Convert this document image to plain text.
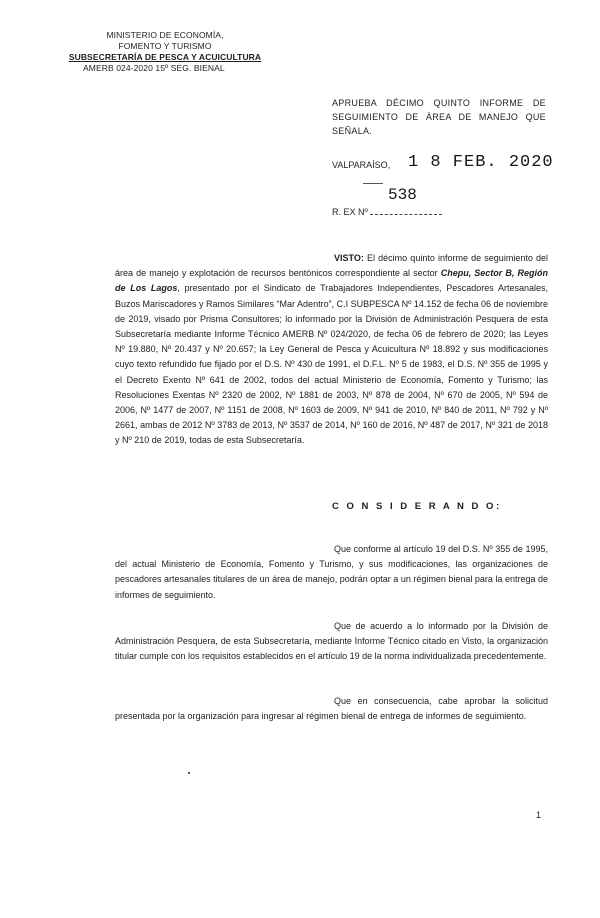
MINISTERIO DE ECONOMÍA,
FOMENTO Y TURISMO
SUBSECRETARÍA DE PESCA Y ACUICULTURA
AMERB 024-2020 15º SEG. BIENAL
APRUEBA DÉCIMO QUINTO INFORME DE
SEGUIMIENTO DE ÁREA DE MANEJO QUE SEÑALA.
VALPARAÍSO, 1 8 FEB. 2020
538
R. EX Nº
VISTO: El décimo quinto informe de seguimiento del área de manejo y explotación de recursos bentónicos correspondiente al sector Chepu, Sector B, Región de Los Lagos, presentado por el Sindicato de Trabajadores Independientes, Pescadores Artesanales, Buzos Mariscadores y Ramos Similares “Mar Adentro”, C.I SUBPESCA Nº 14.152 de fecha 06 de noviembre de 2019, visado por Prisma Consultores; lo informado por la División de Administración Pesquera de esta Subsecretaría mediante Informe Técnico AMERB Nº 024/2020, de fecha 06 de febrero de 2020; las Leyes Nº 19.880, Nº 20.437 y Nº 20.657; la Ley General de Pesca y Acuicultura Nº 18.892 y sus modificaciones cuyo texto refundido fue fijado por el D.S. Nº 430 de 1991, el D.F.L. Nº 5 de 1983, el D.S. Nº 355 de 1995 y el Decreto Exento Nº 641 de 2002, todos del actual Ministerio de Economía, Fomento y Turismo; las Resoluciones Exentas Nº 2320 de 2002, Nº 1881 de 2003, Nº 878 de 2004, Nº 670 de 2005, Nº 594 de 2006, Nº 1477 de 2007, Nº 1151 de 2008, Nº 1603 de 2009, Nº 941 de 2010, Nº 840 de 2011, Nº 792 y Nº 2661, ambas de 2012 Nº 3783 de 2013, Nº 3537 de 2014, Nº 160 de 2016, Nº 487 de 2017, Nº 321 de 2018 y Nº 210 de 2019, todas de esta Subsecretaría.
C O N S I D E R A N D O:
Que conforme al artículo 19 del D.S. Nº 355 de 1995, del actual Ministerio de Economía, Fomento y Turismo, y sus modificaciones, las organizaciones de pescadores artesanales titulares de un área de manejo, podrán optar a un régimen bienal para la entrega de informes de seguimiento.
Que de acuerdo a lo informado por la División de Administración Pesquera, de esta Subsecretaría, mediante Informe Técnico citado en Visto, la organización titular cumple con los requisitos establecidos en el artículo 19 de la norma individualizada precedentemente.
Que en consecuencia, cabe aprobar la solicitud presentada por la organización para ingresar al régimen bienal de entrega de informes de seguimiento.
1
